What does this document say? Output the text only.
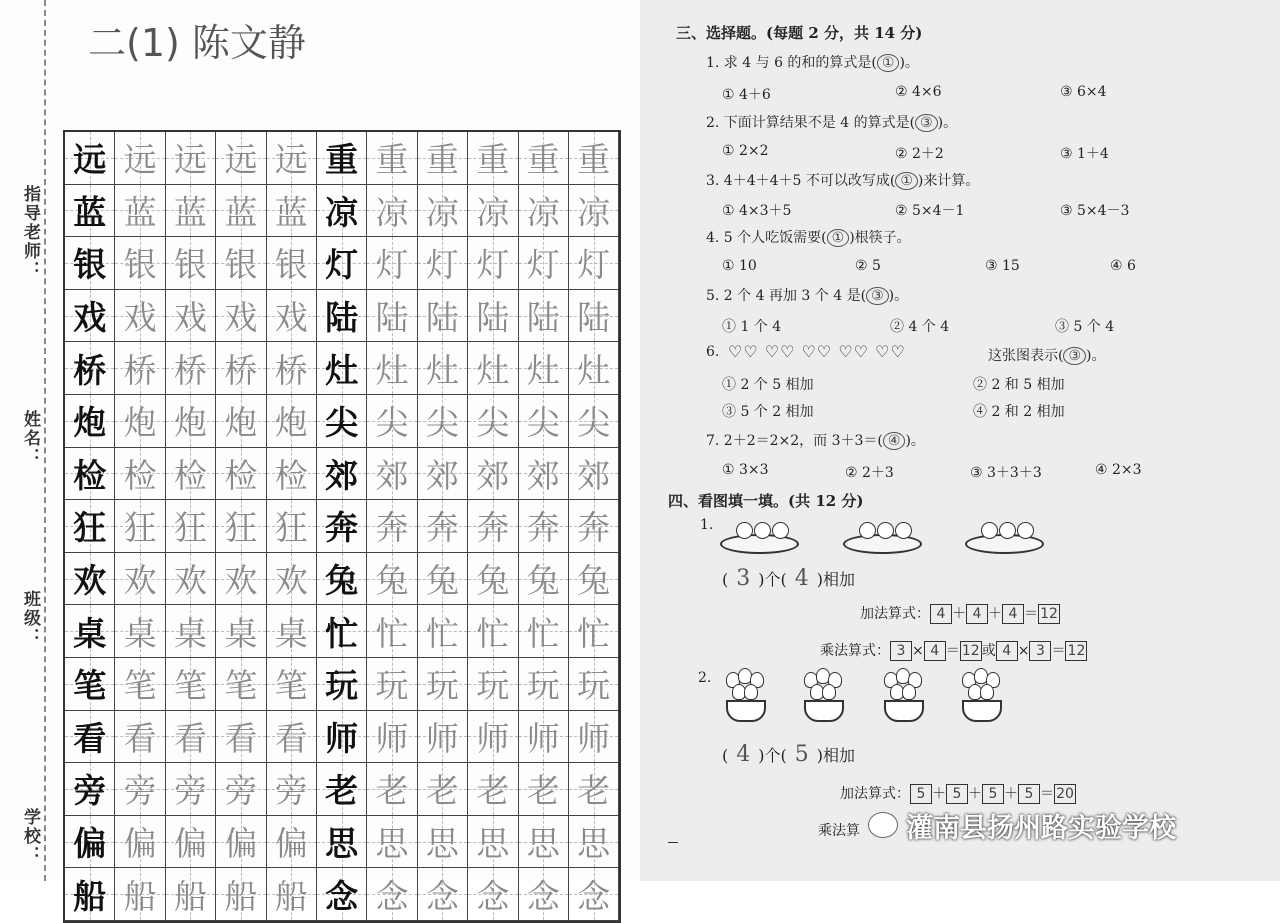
指导老师：
姓名：
班级：
学校：
二(1) 陈文静
远 远 远 远 远 重 重 重 重 重 重
蓝 蓝 蓝 蓝 蓝 凉 凉 凉 凉 凉 凉
银 银 银 银 银 灯 灯 灯 灯 灯 灯
戏 戏 戏 戏 戏 陆 陆 陆 陆 陆 陆
桥 桥 桥 桥 桥 灶 灶 灶 灶 灶 灶
炮 炮 炮 炮 炮 尖 尖 尖 尖 尖 尖
检 检 检 检 检 郊 郊 郊 郊 郊 郊
狂 狂 狂 狂 狂 奔 奔 奔 奔 奔 奔
欢 欢 欢 欢 欢 兔 兔 兔 兔 兔 兔
桌 桌 桌 桌 桌 忙 忙 忙 忙 忙 忙
笔 笔 笔 笔 笔 玩 玩 玩 玩 玩 玩
看 看 看 看 看 师 师 师 师 师 师
旁 旁 旁 旁 旁 老 老 老 老 老 老
偏 偏 偏 偏 偏 思 思 思 思 思 思
船 船 船 船 船 念 念 念 念 念 念
三、选择题。(每题 2 分，共 14 分)
1. 求 4 与 6 的和的算式是( ① )。
① 4＋6	② 4×6	③ 6×4
2. 下面计算结果不是 4 的算式是( ③ )。
① 2×2	② 2＋2	③ 1＋4
3. 4＋4＋4＋5 不可以改写成( ① )来计算。
① 4×3＋5	② 5×4－1	③ 5×4－3
4. 5 个人吃饭需要( ① )根筷子。
① 10	② 5	③ 15	④ 6
5. 2 个 4 再加 3 个 4 是( ③ )。
① 1 个 4	② 4 个 4	③ 5 个 4
6. ♡♡ ♡♡ ♡♡ ♡♡ ♡♡	这张图表示( ③ )。
① 2 个 5 相加	② 2 和 5 相加
③ 5 个 2 相加	④ 2 和 2 相加
7. 2＋2＝2×2，而 3＋3＝( ④ )。
① 3×3	② 2＋3	③ 3＋3＋3	④ 2×3
四、看图填一填。(共 12 分)
1.
( 3 )个( 4 )相加
加法算式： 4 ＋ 4 ＋ 4 ＝ 12
乘法算式： 3 × 4 ＝ 12 或 4 × 3 ＝ 12
2.
( 4 )个( 5 )相加
加法算式： 5 ＋ 5 ＋ 5 ＋ 5 ＝ 20
乘法算 灌南县扬州路实验学校
